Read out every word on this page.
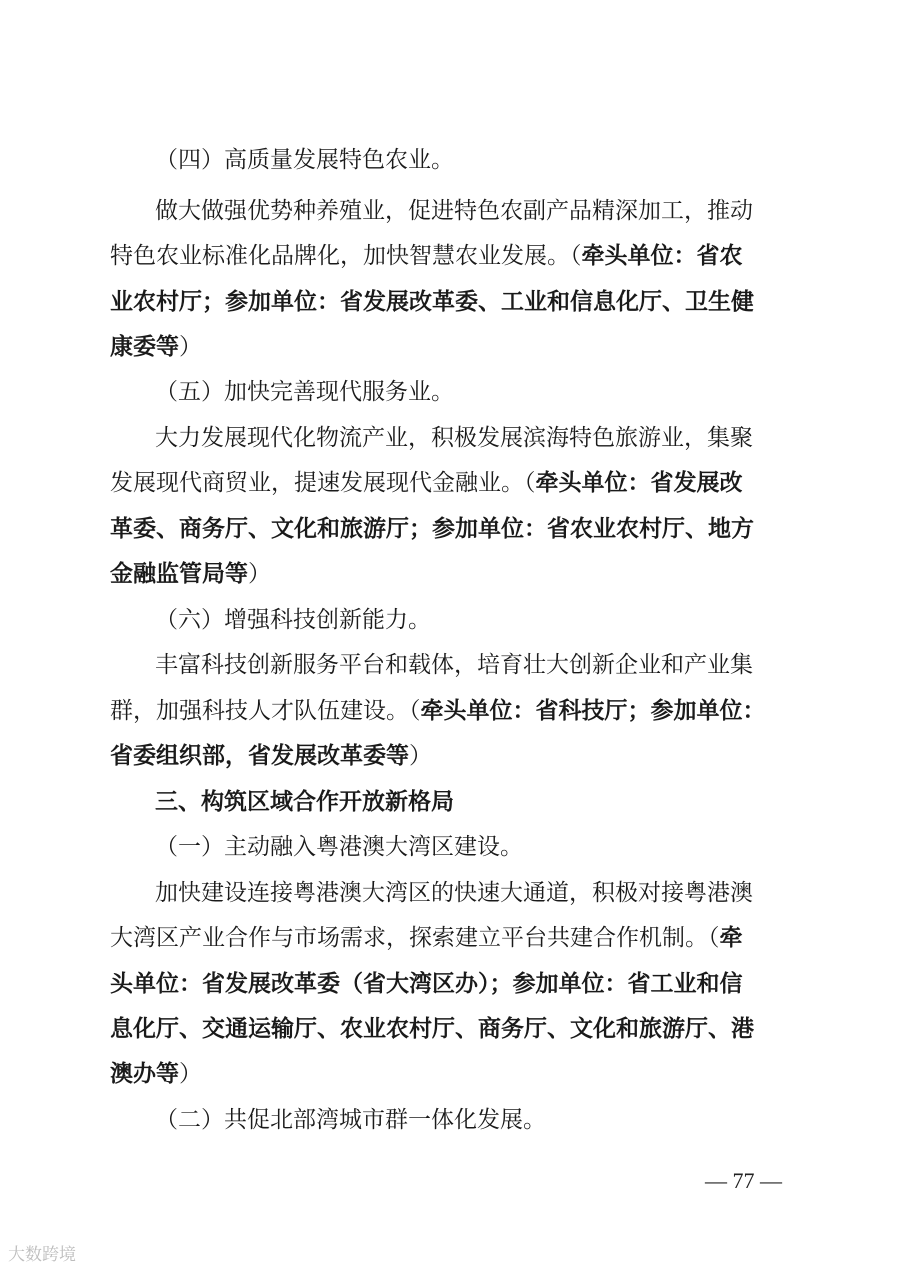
（四）高质量发展特色农业。
做大做强优势种养殖业，促进特色农副产品精深加工，推动
特色农业标准化品牌化，加快智慧农业发展。（牵头单位：省农
业农村厅；参加单位：省发展改革委、工业和信息化厅、卫生健
康委等）
（五）加快完善现代服务业。
大力发展现代化物流产业，积极发展滨海特色旅游业，集聚
发展现代商贸业，提速发展现代金融业。（牵头单位：省发展改
革委、商务厅、文化和旅游厅；参加单位：省农业农村厅、地方
金融监管局等）
（六）增强科技创新能力。
丰富科技创新服务平台和载体，培育壮大创新企业和产业集
群，加强科技人才队伍建设。（牵头单位：省科技厅；参加单位：
省委组织部，省发展改革委等）
三、构筑区域合作开放新格局
（一）主动融入粤港澳大湾区建设。
加快建设连接粤港澳大湾区的快速大通道，积极对接粤港澳
大湾区产业合作与市场需求，探索建立平台共建合作机制。（牵
头单位：省发展改革委（省大湾区办）；参加单位：省工业和信
息化厅、交通运输厅、农业农村厅、商务厅、文化和旅游厅、港
澳办等）
（二）共促北部湾城市群一体化发展。
— 77 —
大数跨境
